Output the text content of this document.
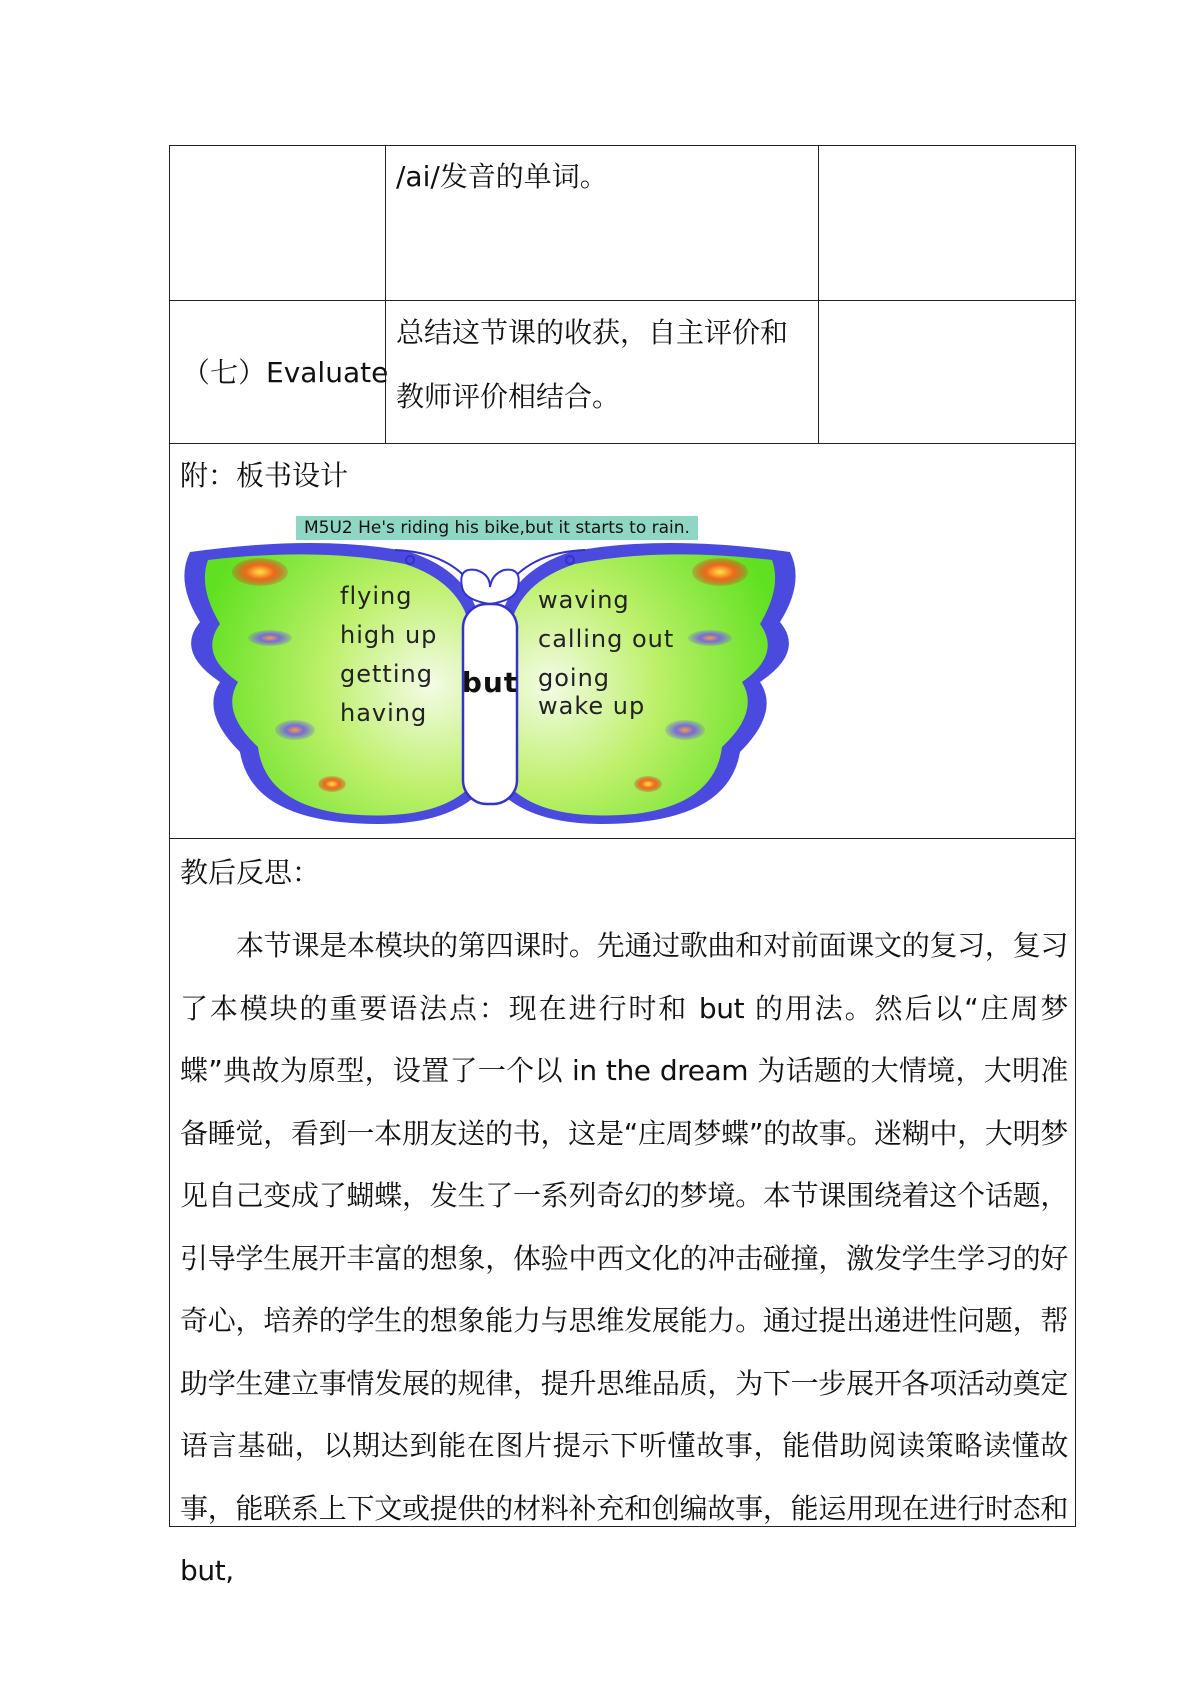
/ai/发音的单词。
（七）Evaluate
总结这节课的收获，自主评价和教师评价相结合。
附：板书设计
M5U2 He's riding his bike,but it starts to rain.
but
flying
high up
getting
having
waving
calling out
going
wake up
教后反思：
本节课是本模块的第四课时。先通过歌曲和对前面课文的复习，复习了本模块的重要语法点：现在进行时和 but 的用法。然后以“庄周梦蝶”典故为原型，设置了一个以 in the dream 为话题的大情境，大明准备睡觉，看到一本朋友送的书，这是“庄周梦蝶”的故事。迷糊中，大明梦见自己变成了蝴蝶，发生了一系列奇幻的梦境。本节课围绕着这个话题，引导学生展开丰富的想象，体验中西文化的冲击碰撞，激发学生学习的好奇心，培养的学生的想象能力与思维发展能力。通过提出递进性问题，帮助学生建立事情发展的规律，提升思维品质，为下一步展开各项活动奠定语言基础，以期达到能在图片提示下听懂故事，能借助阅读策略读懂故事，能联系上下文或提供的材料补充和创编故事，能运用现在进行时态和 but,
